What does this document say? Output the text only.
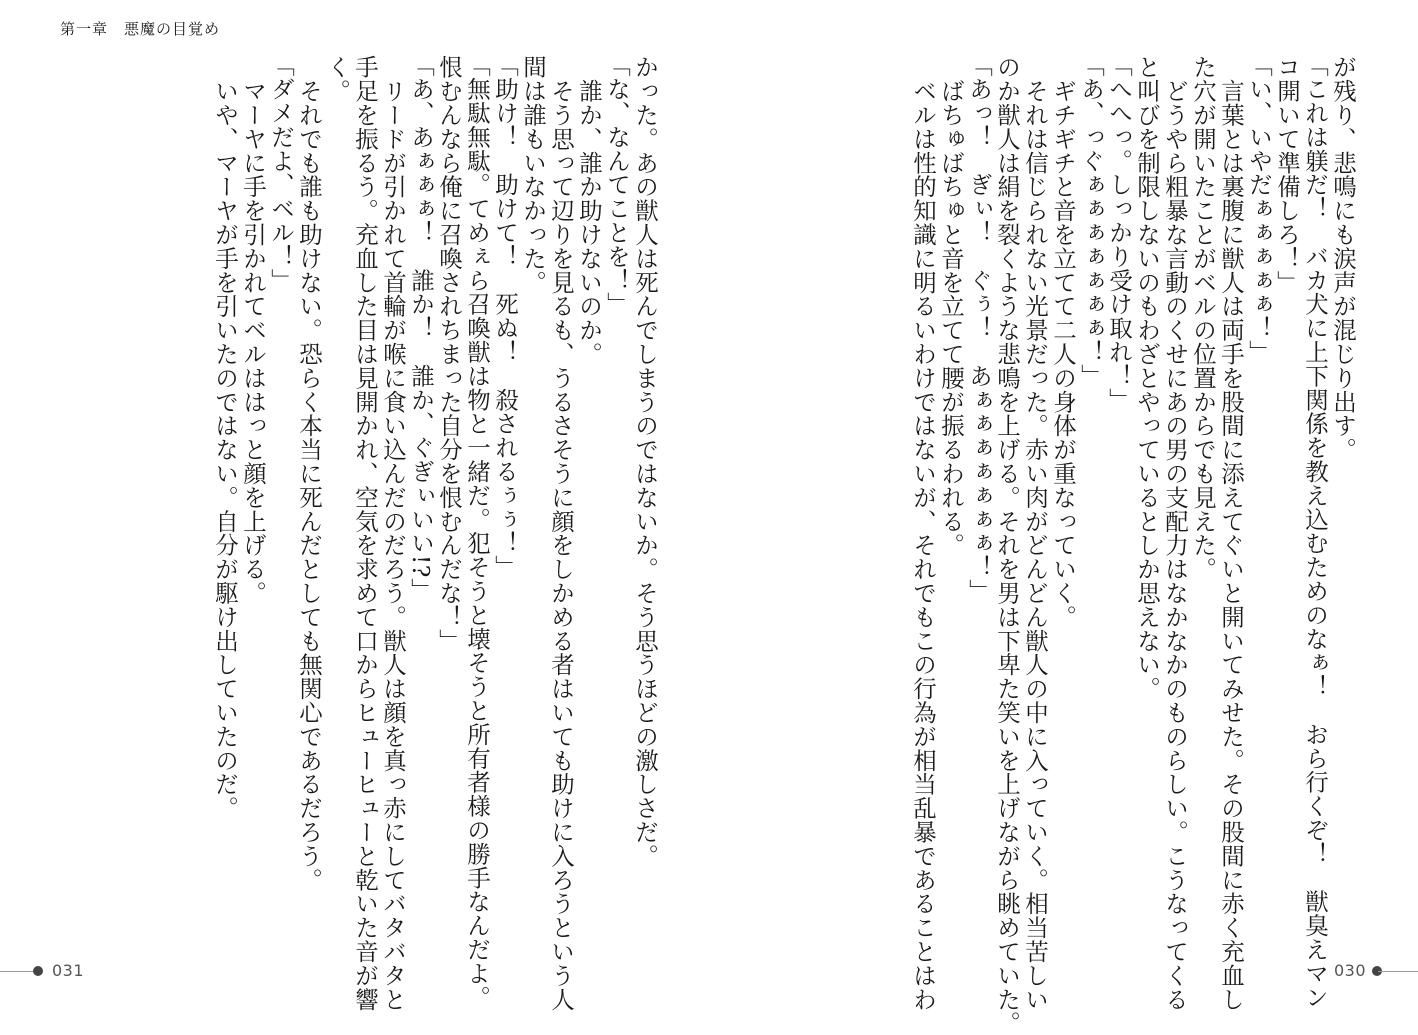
第一章　悪魔の目覚め
が残り、悲鳴にも涙声が混じり出す。
「これは躾だ！　バカ犬に上下関係を教え込むためのなぁ！　おら行くぞ！　獣臭えマン
コ開いて準備しろ！」
「い、いやだぁぁぁぁぁ！」
　言葉とは裏腹に獣人は両手を股間に添えてぐいと開いてみせた。その股間に赤く充血し
た穴が開いたことがベルの位置からでも見えた。
　どうやら粗暴な言動のくせにあの男の支配力はなかなかのものらしい。こうなってくる
と叫びを制限しないのもわざとやっているとしか思えない。
「へへっ。しっかり受け取れ！」
「あ、っぐぁぁぁぁぁぁぁ！」
　ギチギチと音を立てて二人の身体が重なっていく。
　それは信じられない光景だった。赤い肉がどんどん獣人の中に入っていく。相当苦しい
のか獣人は絹を裂くような悲鳴を上げる。それを男は下卑た笑いを上げながら眺めていた。
「あっ！　ぎぃ！　ぐぅ！　あぁぁぁぁぁぁぁ！」
　ばちゅばちゅと音を立てて腰が振るわれる。
　ベルは性的知識に明るいわけではないが、それでもこの行為が相当乱暴であることはわ
かった。あの獣人は死んでしまうのではないか。そう思うほどの激しさだ。
「な、なんてことを！」
　誰か、誰か助けないのか。
　そう思って辺りを見るも、うるさそうに顔をしかめる者はいても助けに入ろうという人
間は誰もいなかった。
「助け！　助けて！　死ぬ！　殺されるぅぅ！」
「無駄無駄。てめぇら召喚獣は物と一緒だ。犯そうと壊そうと所有者様の勝手なんだよ。
恨むんなら俺に召喚されちまった自分を恨むんだな！」
「あ、あぁぁぁ！　誰か！　誰か、ぐぎぃいい!?」
　リードが引かれて首輪が喉に食い込んだのだろう。獣人は顔を真っ赤にしてバタバタと
手足を振るう。充血した目は見開かれ、空気を求めて口からヒューヒューと乾いた音が響
く。
　それでも誰も助けない。恐らく本当に死んだとしても無関心であるだろう。
「ダメだよ、ベル！」
　マーヤに手を引かれてベルははっと顔を上げる。
　いや、マーヤが手を引いたのではない。自分が駆け出していたのだ。
031	030
